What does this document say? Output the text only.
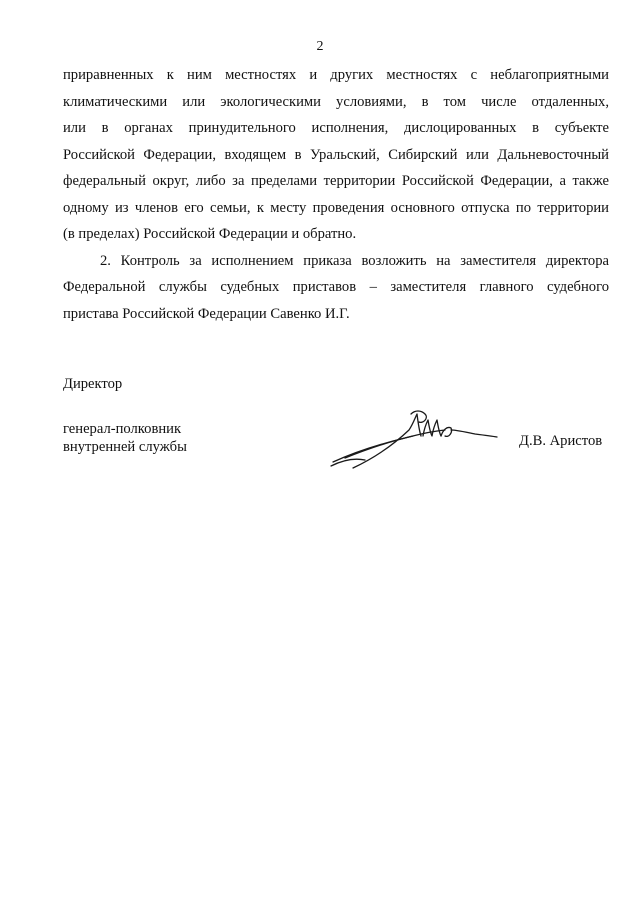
2
приравненных к ним местностях и других местностях с неблагоприятными
климатическими или экологическими условиями, в том числе отдаленных,
или в органах принудительного исполнения, дислоцированных в субъекте
Российской Федерации, входящем в Уральский, Сибирский или Дальневосточный
федеральный округ, либо за пределами территории Российской Федерации, а также
одному из членов его семьи, к месту проведения основного отпуска по территории
(в пределах) Российской Федерации и обратно.
2. Контроль за исполнением приказа возложить на заместителя директора
Федеральной службы судебных приставов – заместителя главного судебного
пристава Российской Федерации Савенко И.Г.
Директор
генерал-полковник
внутренней службы	Д.В. Аристов
